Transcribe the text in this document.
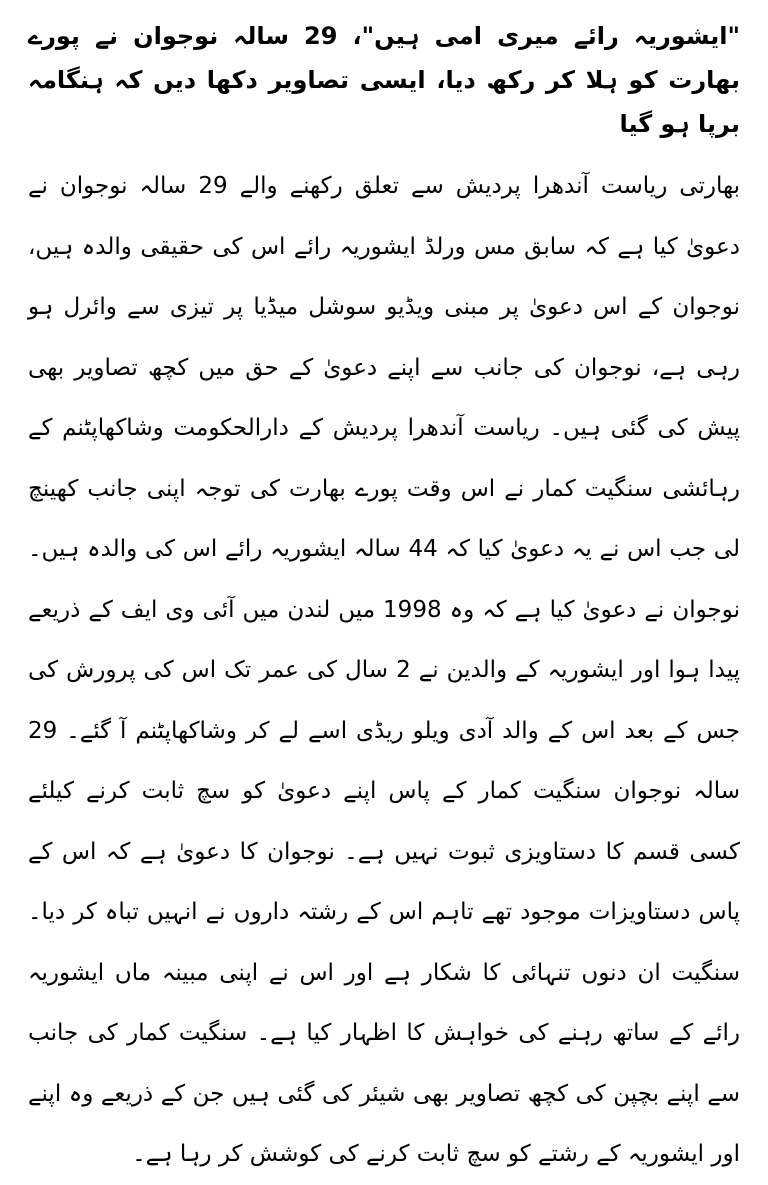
"ایشوریہ رائے میری امی ہیں"، 29 سالہ نوجوان نے پورے بھارت کو ہلا کر رکھ دیا، ایسی تصاویر دکھا دیں کہ ہنگامہ برپا ہو گیا

بھارتی ریاست آندھرا پردیش سے تعلق رکھنے والے 29 سالہ نوجوان نے دعویٰ کیا ہے کہ سابق مس ورلڈ ایشوریہ رائے اس کی حقیقی والدہ ہیں، نوجوان کے اس دعویٰ پر مبنی ویڈیو سوشل میڈیا پر تیزی سے وائرل ہو رہی ہے، نوجوان کی جانب سے اپنے دعویٰ کے حق میں کچھ تصاویر بھی پیش کی گئی ہیں۔ ریاست آندھرا پردیش کے دارالحکومت وشاکھاپٹنم کے رہائشی سنگیت کمار نے اس وقت پورے بھارت کی توجہ اپنی جانب کھینچ لی جب اس نے یہ دعویٰ کیا کہ 44 سالہ ایشوریہ رائے اس کی والدہ ہیں۔ نوجوان نے دعویٰ کیا ہے کہ وہ 1998 میں لندن میں آئی وی ایف کے ذریعے پیدا ہوا اور ایشوریہ کے والدین نے 2 سال کی عمر تک اس کی پرورش کی جس کے بعد اس کے والد آدی ویلو ریڈی اسے لے کر وشاکھاپٹنم آ گئے۔ 29 سالہ نوجوان سنگیت کمار کے پاس اپنے دعویٰ کو سچ ثابت کرنے کیلئے کسی قسم کا دستاویزی ثبوت نہیں ہے۔ نوجوان کا دعویٰ ہے کہ اس کے پاس دستاویزات موجود تھے تاہم اس کے رشتہ داروں نے انہیں تباہ کر دیا۔ سنگیت ان دنوں تنہائی کا شکار ہے اور اس نے اپنی مبینہ ماں ایشوریہ رائے کے ساتھ رہنے کی خواہش کا اظہار کیا ہے۔ سنگیت کمار کی جانب سے اپنے بچپن کی کچھ تصاویر بھی شیئر کی گئی ہیں جن کے ذریعے وہ اپنے اور ایشوریہ کے رشتے کو سچ ثابت کرنے کی کوشش کر رہا ہے۔
